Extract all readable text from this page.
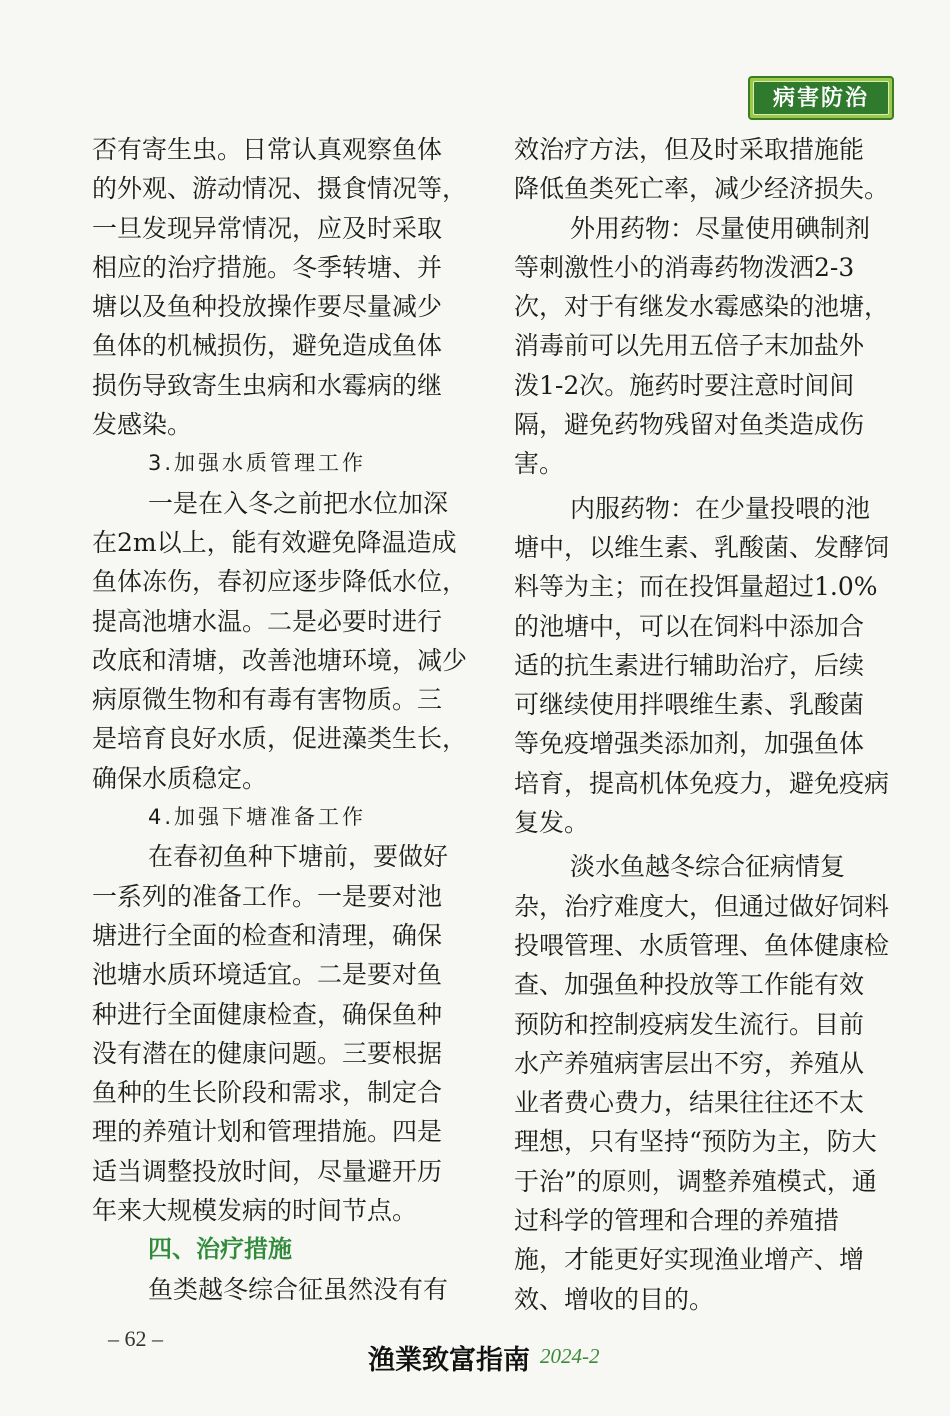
病害防治
否有寄生虫。日常认真观察鱼体
的外观、游动情况、摄食情况等，
一旦发现异常情况，应及时采取
相应的治疗措施。冬季转塘、并
塘以及鱼种投放操作要尽量减少
鱼体的机械损伤，避免造成鱼体
损伤导致寄生虫病和水霉病的继
发感染。
3.加强水质管理工作
一是在入冬之前把水位加深
在2m以上，能有效避免降温造成
鱼体冻伤，春初应逐步降低水位，
提高池塘水温。二是必要时进行
改底和清塘，改善池塘环境，减少
病原微生物和有毒有害物质。三
是培育良好水质，促进藻类生长，
确保水质稳定。
4.加强下塘准备工作
在春初鱼种下塘前，要做好
一系列的准备工作。一是要对池
塘进行全面的检查和清理，确保
池塘水质环境适宜。二是要对鱼
种进行全面健康检查，确保鱼种
没有潜在的健康问题。三要根据
鱼种的生长阶段和需求，制定合
理的养殖计划和管理措施。四是
适当调整投放时间，尽量避开历
年来大规模发病的时间节点。
四、治疗措施
鱼类越冬综合征虽然没有有
效治疗方法，但及时采取措施能
降低鱼类死亡率，减少经济损失。
外用药物：尽量使用碘制剂
等刺激性小的消毒药物泼洒2-3
次，对于有继发水霉感染的池塘，
消毒前可以先用五倍子末加盐外
泼1-2次。施药时要注意时间间
隔，避免药物残留对鱼类造成伤
害。
内服药物：在少量投喂的池
塘中，以维生素、乳酸菌、发酵饲
料等为主；而在投饵量超过1.0%
的池塘中，可以在饲料中添加合
适的抗生素进行辅助治疗，后续
可继续使用拌喂维生素、乳酸菌
等免疫增强类添加剂，加强鱼体
培育，提高机体免疫力，避免疫病
复发。
淡水鱼越冬综合征病情复
杂，治疗难度大，但通过做好饲料
投喂管理、水质管理、鱼体健康检
查、加强鱼种投放等工作能有效
预防和控制疫病发生流行。目前
水产养殖病害层出不穷，养殖从
业者费心费力，结果往往还不太
理想，只有坚持“预防为主，防大
于治”的原则，调整养殖模式，通
过科学的管理和合理的养殖措
施，才能更好实现渔业增产、增
效、增收的目的。
– 62 –
渔業致富指南 2024-2
